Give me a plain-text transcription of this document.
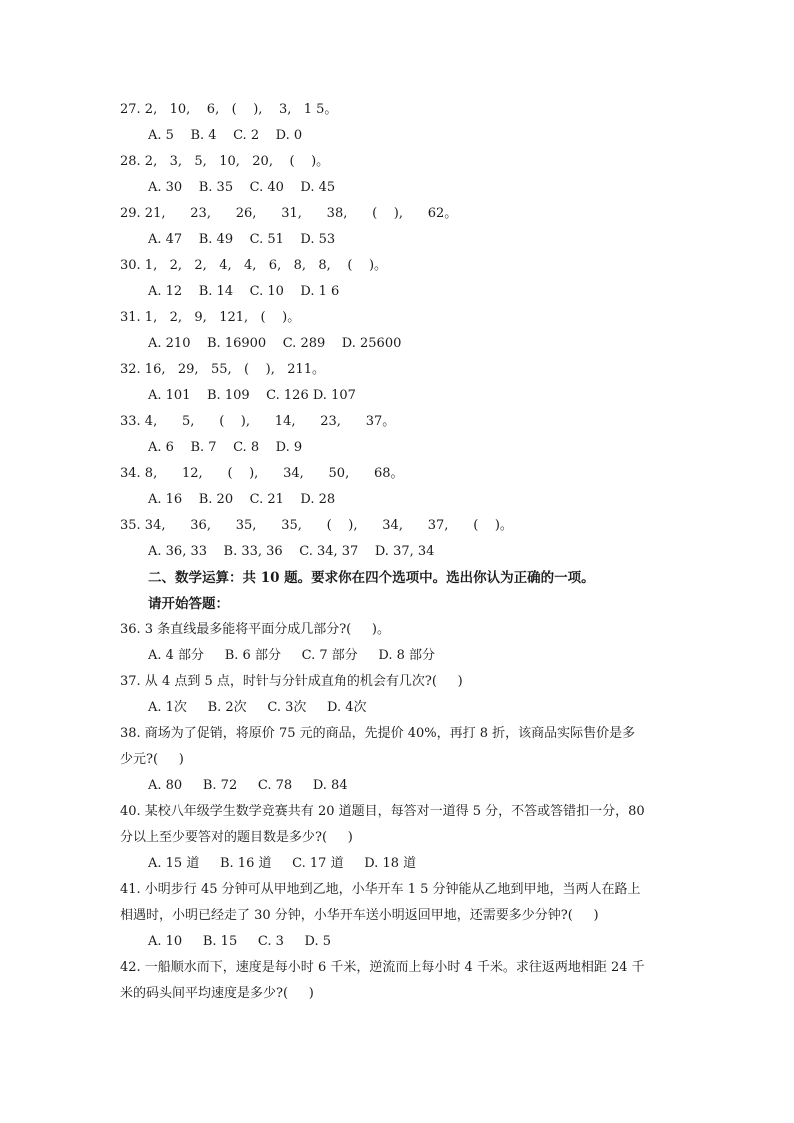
27. 2,   10,    6,   (    ),    3,   1 5。
A. 5    B. 4    C. 2    D. 0
28. 2,   3,   5,   10,   20,    (    )。
A. 30    B. 35    C. 40    D. 45
29. 21,      23,      26,      31,      38,      (    ),      62。
A. 47    B. 49    C. 51    D. 53
30. 1,   2,   2,   4,   4,   6,   8,   8,    (    )。
A. 12    B. 14    C. 10    D. 1 6
31. 1,   2,   9,   121,   (    )。
A. 210    B. 16900    C. 289    D. 25600
32. 16,   29,   55,   (    ),   211。
A. 101    B. 109    C. 126 D. 107
33. 4,      5,      (    ),      14,      23,      37。
A. 6    B. 7    C. 8    D. 9
34. 8,      12,      (    ),      34,      50,      68。
A. 16    B. 20    C. 21    D. 28
35. 34,      36,      35,      35,      (    ),      34,      37,      (    )。
A. 36, 33    B. 33, 36    C. 34, 37    D. 37, 34
二、数学运算：共 10 题。要求你在四个选项中。选出你认为正确的一项。
请开始答题：
36. 3 条直线最多能将平面分成几部分?(     )。
A. 4 部分     B. 6 部分     C. 7 部分     D. 8 部分
37. 从 4 点到 5 点，时针与分针成直角的机会有几次?(     )
A. 1次     B. 2次     C. 3次     D. 4次
38. 商场为了促销，将原价 75 元的商品，先提价 40%，再打 8 折，该商品实际售价是多
少元?(     )
A. 80     B. 72     C. 78     D. 84
40. 某校八年级学生数学竞赛共有 20 道题目，每答对一道得 5 分，不答或答错扣一分，80
分以上至少要答对的题目数是多少?(     )
A. 15 道     B. 16 道     C. 17 道     D. 18 道
41. 小明步行 45 分钟可从甲地到乙地，小华开车 1 5 分钟能从乙地到甲地，当两人在路上
相遇时，小明已经走了 30 分钟，小华开车送小明返回甲地，还需要多少分钟?(     )
A. 10     B. 15     C. 3     D. 5
42. 一船顺水而下，速度是每小时 6 千米，逆流而上每小时 4 千米。求往返两地相距 24 千
米的码头间平均速度是多少?(     )
